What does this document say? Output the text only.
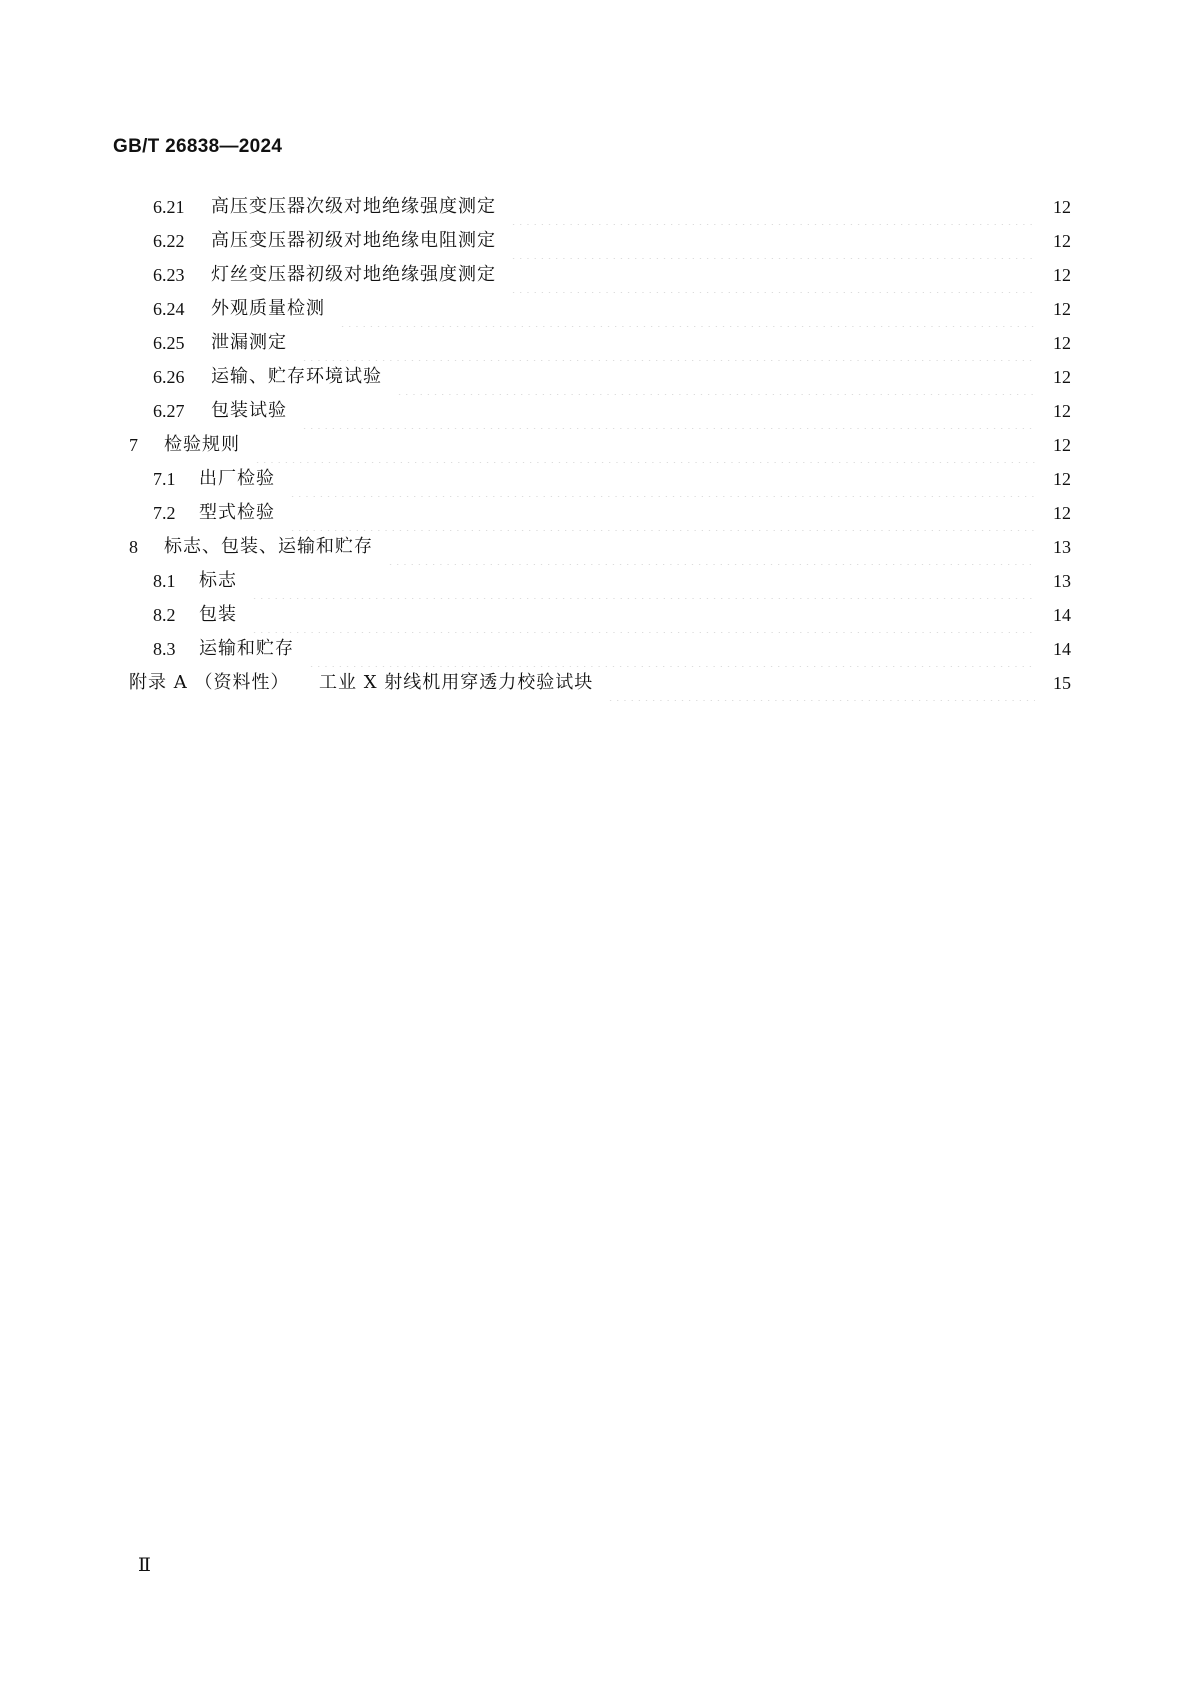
GB/T 26838—2024
6.21	高压变压器次级对地绝缘强度测定	12
6.22	高压变压器初级对地绝缘电阻测定	12
6.23	灯丝变压器初级对地绝缘强度测定	12
6.24	外观质量检测	12
6.25	泄漏测定	12
6.26	运输、贮存环境试验	12
6.27	包装试验	12
7	检验规则	12
7.1	出厂检验	12
7.2	型式检验	12
8	标志、包装、运输和贮存	13
8.1	标志	13
8.2	包装	14
8.3	运输和贮存	14
附录 A （资料性）	工业 X 射线机用穿透力校验试块	15
Ⅱ
